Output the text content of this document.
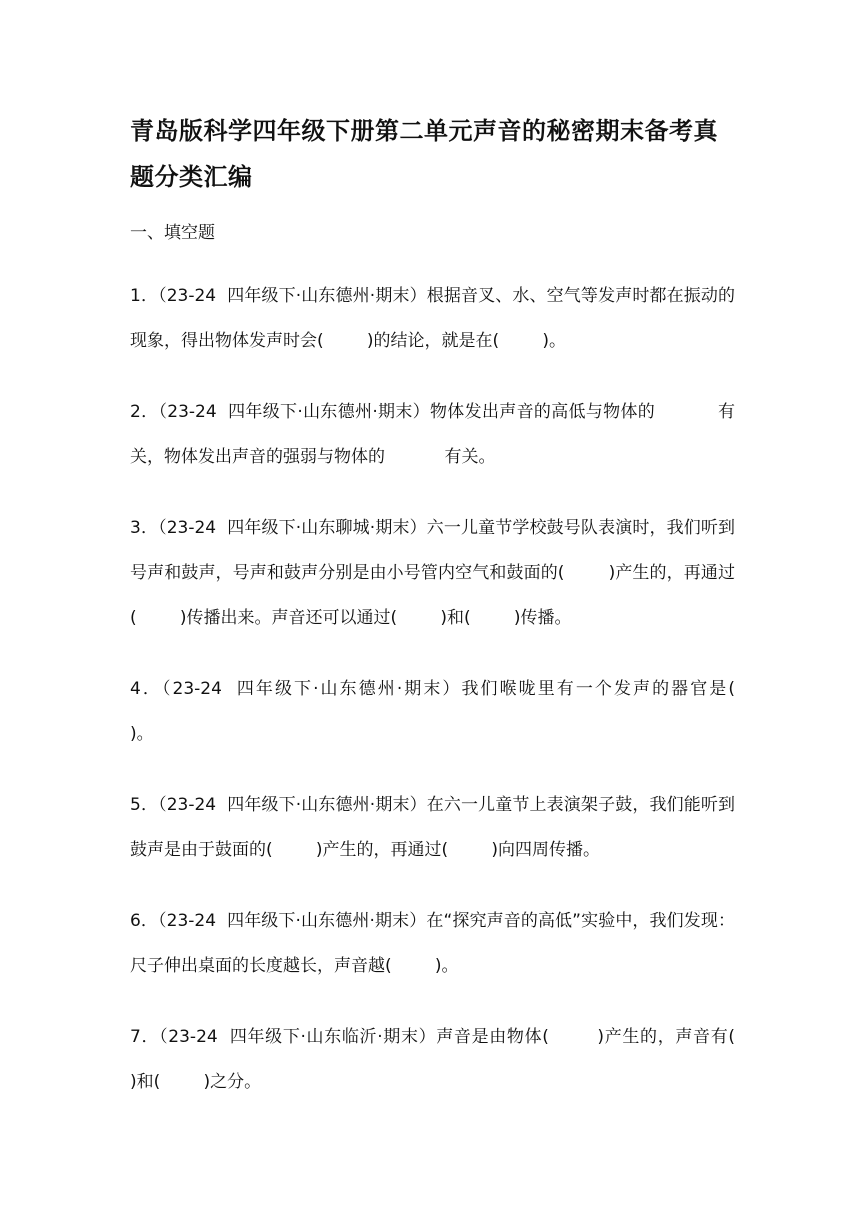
青岛版科学四年级下册第二单元声音的秘密期末备考真题分类汇编
一、填空题
1．（23-24  四年级下·山东德州·期末）根据音叉、水、空气等发声时都在振动的现象，得出物体发声时会(        )的结论，就是在(        )。
2．（23-24  四年级下·山东德州·期末）物体发出声音的高低与物体的           有关，物体发出声音的强弱与物体的           有关。
3．（23-24  四年级下·山东聊城·期末）六一儿童节学校鼓号队表演时，我们听到号声和鼓声，号声和鼓声分别是由小号管内空气和鼓面的(        )产生的，再通过(        )传播出来。声音还可以通过(        )和(        )传播。
4．（23-24  四年级下·山东德州·期末）我们喉咙里有一个发声的器官是(        )。
5．（23-24  四年级下·山东德州·期末）在六一儿童节上表演架子鼓，我们能听到鼓声是由于鼓面的(        )产生的，再通过(        )向四周传播。
6．（23-24  四年级下·山东德州·期末）在“探究声音的高低”实验中，我们发现：尺子伸出桌面的长度越长，声音越(        )。
7．（23-24  四年级下·山东临沂·期末）声音是由物体(        )产生的，声音有(        )和(        )之分。
